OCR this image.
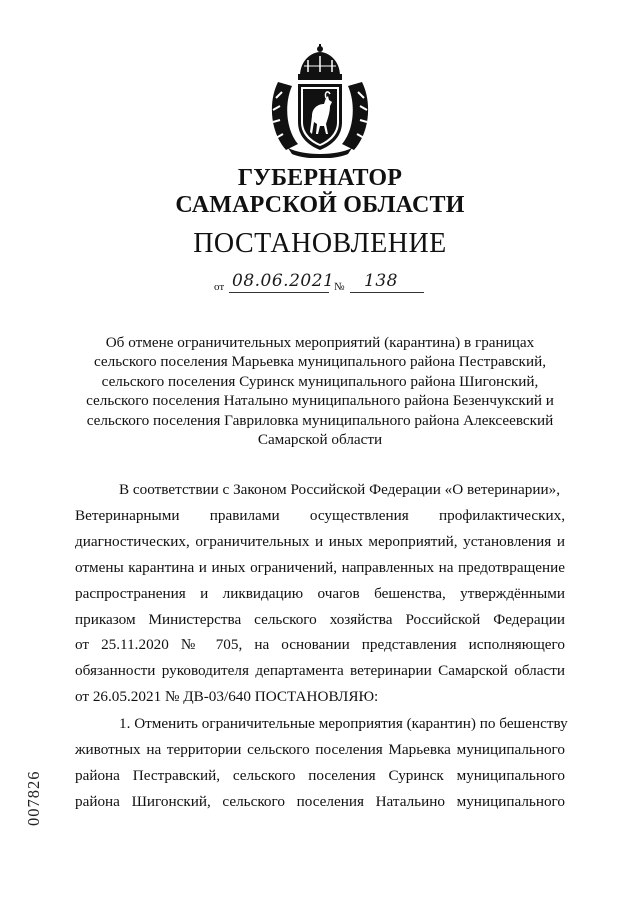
ГУБЕРНАТОР
САМАРСКОЙ ОБЛАСТИ
ПОСТАНОВЛЕНИЕ
от 08.06.2021 № 138
Об отмене ограничительных мероприятий (карантина) в границах
сельского поселения Марьевка муниципального района Пестравский,
сельского поселения Суринск муниципального района Шигонский,
сельского поселения Наталыно муниципального района Безенчукский и
сельского поселения Гавриловка муниципального района Алексеевский
Самарской области
В соответствии с Законом Российской Федерации «О ветеринарии»,
Ветеринарными правилами осуществления профилактических,
диагностических, ограничительных и иных мероприятий, установления и
отмены карантина и иных ограничений, направленных на предотвращение
распространения и ликвидацию очагов бешенства, утверждёнными
приказом Министерства сельского хозяйства Российской Федерации
от 25.11.2020 № 705, на основании представления исполняющего
обязанности руководителя департамента ветеринарии Самарской области
от 26.05.2021 № ДВ-03/640 ПОСТАНОВЛЯЮ:
1. Отменить ограничительные мероприятия (карантин) по бешенству
животных на территории сельского поселения Марьевка муниципального
района Пестравский, сельского поселения Суринск муниципального
района Шигонский, сельского поселения Натальино муниципального
007826
